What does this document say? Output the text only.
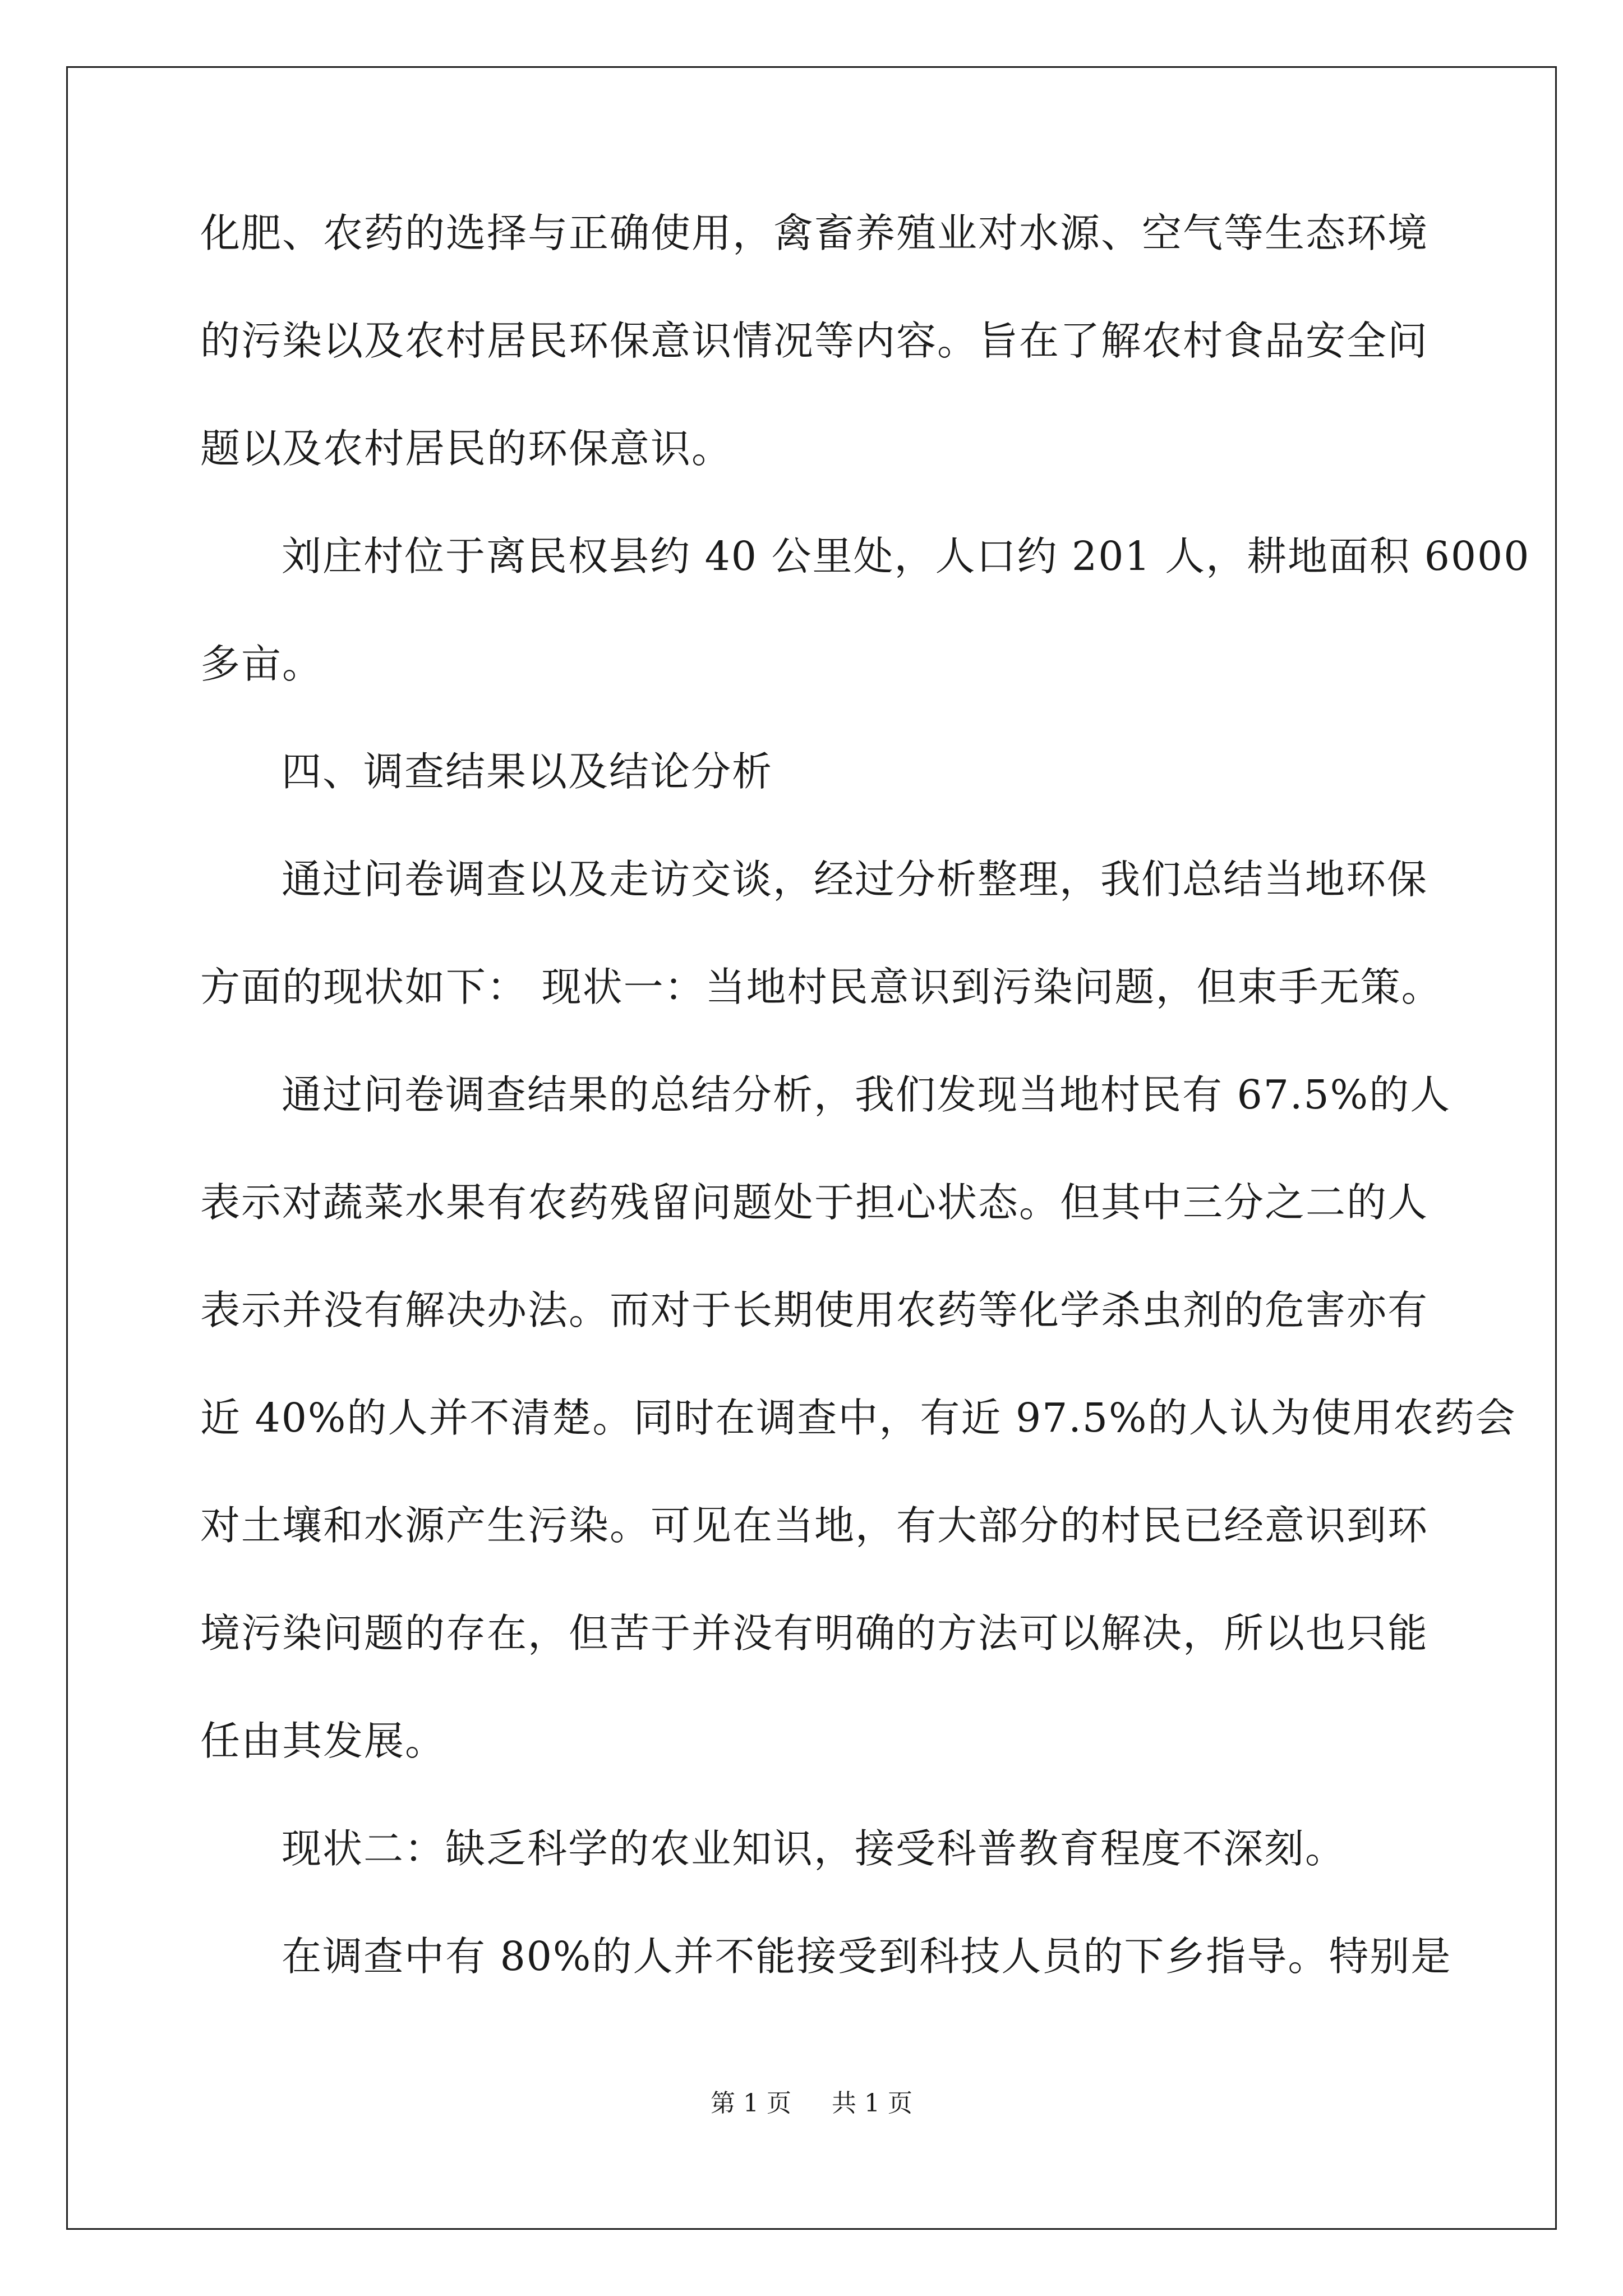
化肥、农药的选择与正确使用，禽畜养殖业对水源、空气等生态环境

的污染以及农村居民环保意识情况等内容。旨在了解农村食品安全问

题以及农村居民的环保意识。

刘庄村位于离民权县约 40 公里处，人口约 201 人，耕地面积 6000

多亩。

四、调查结果以及结论分析

通过问卷调查以及走访交谈，经过分析整理，我们总结当地环保

方面的现状如下： 现状一：当地村民意识到污染问题，但束手无策。

通过问卷调查结果的总结分析，我们发现当地村民有 67.5%的人

表示对蔬菜水果有农药残留问题处于担心状态。但其中三分之二的人

表示并没有解决办法。而对于长期使用农药等化学杀虫剂的危害亦有

近 40%的人并不清楚。同时在调查中，有近 97.5%的人认为使用农药会

对土壤和水源产生污染。可见在当地，有大部分的村民已经意识到环

境污染问题的存在，但苦于并没有明确的方法可以解决，所以也只能

任由其发展。

现状二：缺乏科学的农业知识，接受科普教育程度不深刻。

在调查中有 80%的人并不能接受到科技人员的下乡指导。特别是

第 1 页 共 1 页
